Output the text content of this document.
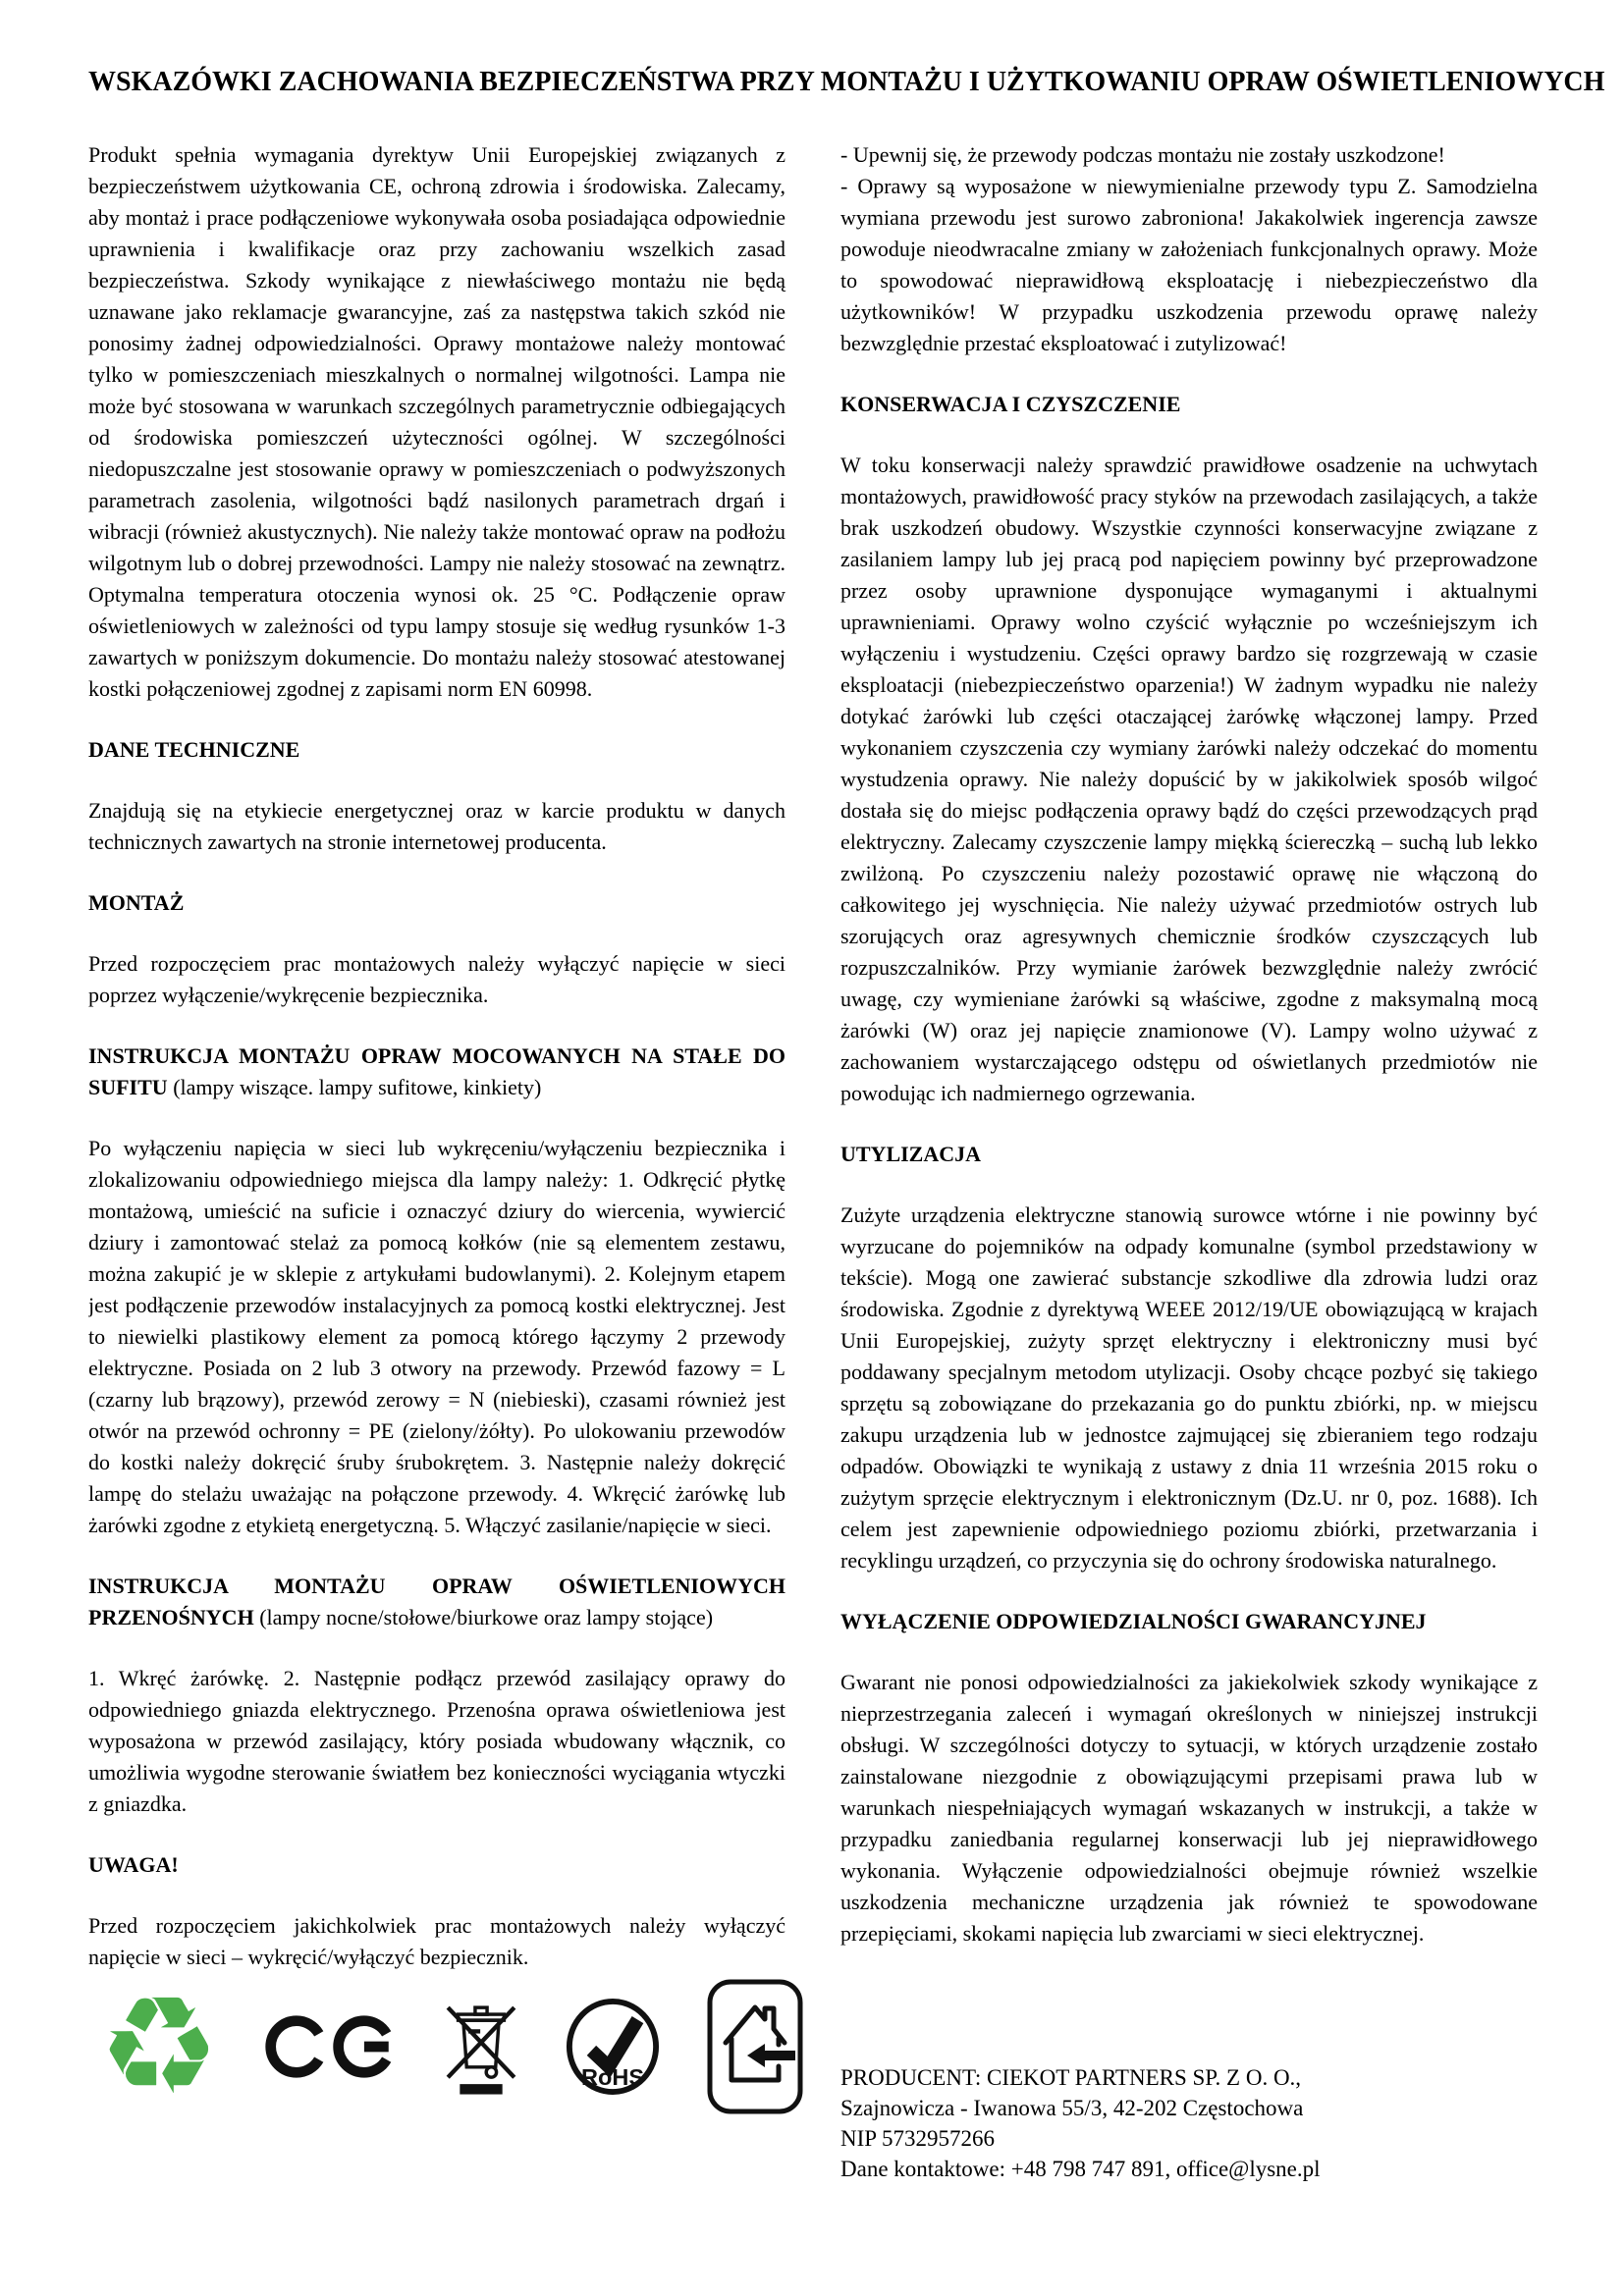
WSKAZÓWKI ZACHOWANIA BEZPIECZEŃSTWA PRZY MONTAŻU I UŻYTKOWANIU OPRAW OŚWIETLENIOWYCH

Produkt spełnia wymagania dyrektyw Unii Europejskiej związanych z bezpieczeństwem użytkowania CE, ochroną zdrowia i środowiska. Zalecamy, aby montaż i prace podłączeniowe wykonywała osoba posiadająca odpowiednie uprawnienia i kwalifikacje oraz przy zachowaniu wszelkich zasad bezpieczeństwa. Szkody wynikające z niewłaściwego montażu nie będą uznawane jako reklamacje gwarancyjne, zaś za następstwa takich szkód nie ponosimy żadnej odpowiedzialności. Oprawy montażowe należy montować tylko w pomieszczeniach mieszkalnych o normalnej wilgotności. Lampa nie może być stosowana w warunkach szczególnych parametrycznie odbiegających od środowiska pomieszczeń użyteczności ogólnej. W szczególności niedopuszczalne jest stosowanie oprawy w pomieszczeniach o podwyższonych parametrach zasolenia, wilgotności bądź nasilonych parametrach drgań i wibracji (również akustycznych). Nie należy także montować opraw na podłożu wilgotnym lub o dobrej przewodności. Lampy nie należy stosować na zewnątrz. Optymalna temperatura otoczenia wynosi ok. 25 °C. Podłączenie opraw oświetleniowych w zależności od typu lampy stosuje się według rysunków 1-3 zawartych w poniższym dokumencie. Do montażu należy stosować atestowanej kostki połączeniowej zgodnej z zapisami norm EN 60998.

DANE TECHNICZNE

Znajdują się na etykiecie energetycznej oraz w karcie produktu w danych technicznych zawartych na stronie internetowej producenta.

MONTAŻ

Przed rozpoczęciem prac montażowych należy wyłączyć napięcie w sieci poprzez wyłączenie/wykręcenie bezpiecznika.

INSTRUKCJA MONTAŻU OPRAW MOCOWANYCH NA STAŁE DO SUFITU (lampy wiszące. lampy sufitowe, kinkiety)

Po wyłączeniu napięcia w sieci lub wykręceniu/wyłączeniu bezpiecznika i zlokalizowaniu odpowiedniego miejsca dla lampy należy: 1. Odkręcić płytkę montażową, umieścić na suficie i oznaczyć dziury do wiercenia, wywiercić dziury i zamontować stelaż za pomocą kołków (nie są elementem zestawu, można zakupić je w sklepie z artykułami budowlanymi). 2. Kolejnym etapem jest podłączenie przewodów instalacyjnych za pomocą kostki elektrycznej. Jest to niewielki plastikowy element za pomocą którego łączymy 2 przewody elektryczne. Posiada on 2 lub 3 otwory na przewody. Przewód fazowy = L (czarny lub brązowy), przewód zerowy = N (niebieski), czasami również jest otwór na przewód ochronny = PE (zielony/żółty). Po ulokowaniu przewodów do kostki należy dokręcić śruby śrubokrętem. 3. Następnie należy dokręcić lampę do stelażu uważając na połączone przewody. 4. Wkręcić żarówkę lub żarówki zgodne z etykietą energetyczną. 5. Włączyć zasilanie/napięcie w sieci.

INSTRUKCJA MONTAŻU OPRAW OŚWIETLENIOWYCH PRZENOŚNYCH (lampy nocne/stołowe/biurkowe oraz lampy stojące)

1. Wkręć żarówkę. 2. Następnie podłącz przewód zasilający oprawy do odpowiedniego gniazda elektrycznego. Przenośna oprawa oświetleniowa jest wyposażona w przewód zasilający, który posiada wbudowany włącznik, co umożliwia wygodne sterowanie światłem bez konieczności wyciągania wtyczki z gniazdka.

UWAGA!

Przed rozpoczęciem jakichkolwiek prac montażowych należy wyłączyć napięcie w sieci – wykręcić/wyłączyć bezpiecznik.

- Upewnij się, że przewody podczas montażu nie zostały uszkodzone!

- Oprawy są wyposażone w niewymienialne przewody typu Z. Samodzielna wymiana przewodu jest surowo zabroniona! Jakakolwiek ingerencja zawsze powoduje nieodwracalne zmiany w założeniach funkcjonalnych oprawy. Może to spowodować nieprawidłową eksploatację i niebezpieczeństwo dla użytkowników! W przypadku uszkodzenia przewodu oprawę należy bezwzględnie przestać eksploatować i zutylizować!

KONSERWACJA I CZYSZCZENIE

W toku konserwacji należy sprawdzić prawidłowe osadzenie na uchwytach montażowych, prawidłowość pracy styków na przewodach zasilających, a także brak uszkodzeń obudowy. Wszystkie czynności konserwacyjne związane z zasilaniem lampy lub jej pracą pod napięciem powinny być przeprowadzone przez osoby uprawnione dysponujące wymaganymi i aktualnymi uprawnieniami. Oprawy wolno czyścić wyłącznie po wcześniejszym ich wyłączeniu i wystudzeniu. Części oprawy bardzo się rozgrzewają w czasie eksploatacji (niebezpieczeństwo oparzenia!) W żadnym wypadku nie należy dotykać żarówki lub części otaczającej żarówkę włączonej lampy. Przed wykonaniem czyszczenia czy wymiany żarówki należy odczekać do momentu wystudzenia oprawy. Nie należy dopuścić by w jakikolwiek sposób wilgoć dostała się do miejsc podłączenia oprawy bądź do części przewodzących prąd elektryczny. Zalecamy czyszczenie lampy miękką ściereczką – suchą lub lekko zwilżoną. Po czyszczeniu należy pozostawić oprawę nie włączoną do całkowitego jej wyschnięcia. Nie należy używać przedmiotów ostrych lub szorujących oraz agresywnych chemicznie środków czyszczących lub rozpuszczalników. Przy wymianie żarówek bezwzględnie należy zwrócić uwagę, czy wymieniane żarówki są właściwe, zgodne z maksymalną mocą żarówki (W) oraz jej napięcie znamionowe (V). Lampy wolno używać z zachowaniem wystarczającego odstępu od oświetlanych przedmiotów nie powodując ich nadmiernego ogrzewania.

UTYLIZACJA

Zużyte urządzenia elektryczne stanowią surowce wtórne i nie powinny być wyrzucane do pojemników na odpady komunalne (symbol przedstawiony w tekście). Mogą one zawierać substancje szkodliwe dla zdrowia ludzi oraz środowiska. Zgodnie z dyrektywą WEEE 2012/19/UE obowiązującą w krajach Unii Europejskiej, zużyty sprzęt elektryczny i elektroniczny musi być poddawany specjalnym metodom utylizacji. Osoby chcące pozbyć się takiego sprzętu są zobowiązane do przekazania go do punktu zbiórki, np. w miejscu zakupu urządzenia lub w jednostce zajmującej się zbieraniem tego rodzaju odpadów. Obowiązki te wynikają z ustawy z dnia 11 września 2015 roku o zużytym sprzęcie elektrycznym i elektronicznym (Dz.U. nr 0, poz. 1688). Ich celem jest zapewnienie odpowiedniego poziomu zbiórki, przetwarzania i recyklingu urządzeń, co przyczynia się do ochrony środowiska naturalnego.

WYŁĄCZENIE ODPOWIEDZIALNOŚCI GWARANCYJNEJ

Gwarant nie ponosi odpowiedzialności za jakiekolwiek szkody wynikające z nieprzestrzegania zaleceń i wymagań określonych w niniejszej instrukcji obsługi. W szczególności dotyczy to sytuacji, w których urządzenie zostało zainstalowane niezgodnie z obowiązującymi przepisami prawa lub w warunkach niespełniających wymagań wskazanych w instrukcji, a także w przypadku zaniedbania regularnej konserwacji lub jej nieprawidłowego wykonania. Wyłączenie odpowiedzialności obejmuje również wszelkie uszkodzenia mechaniczne urządzenia jak również te spowodowane przepięciami, skokami napięcia lub zwarciami w sieci elektrycznej.

♻	RoHS	PRODUCENT: CIEKOT PARTNERS SP. Z O. O.,
Szajnowicza - Iwanowa 55/3, 42-202 Częstochowa
NIP 5732957266
Dane kontaktowe: +48 798 747 891, office@lysne.pl
